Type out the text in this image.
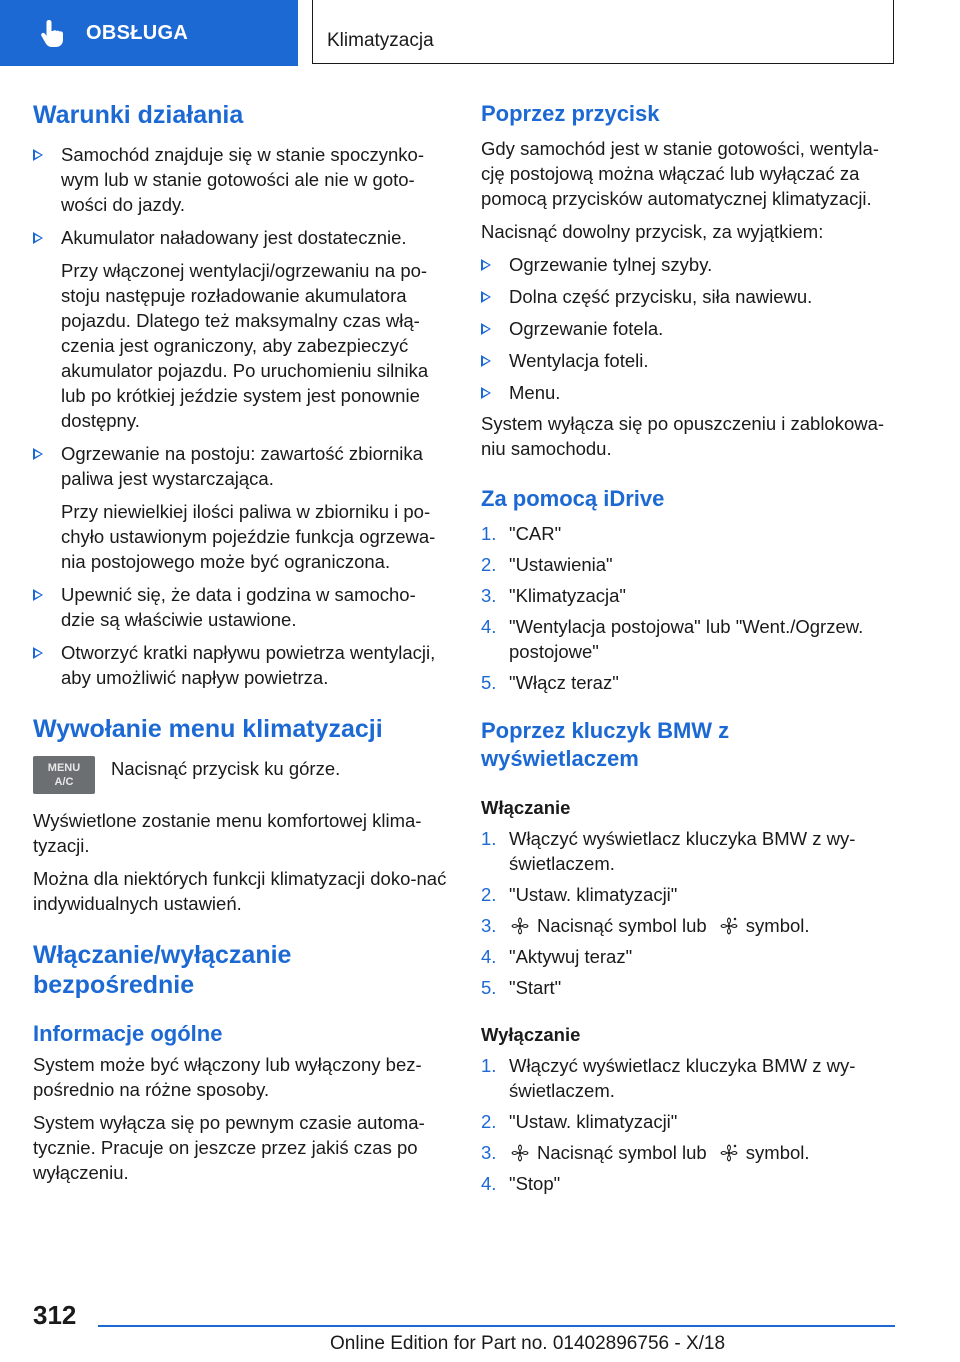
OBSŁUGA	Klimatyzacja
Warunki działania
Samochód znajduje się w stanie spoczynko-wym lub w stanie gotowości ale nie w goto-wości do jazdy.
Akumulator naładowany jest dostatecznie.
Przy włączonej wentylacji/ogrzewaniu na po-stoju następuje rozładowanie akumulatora pojazdu. Dlatego też maksymalny czas włą-czenia jest ograniczony, aby zabezpieczyć akumulator pojazdu. Po uruchomieniu silnika lub po krótkiej jeździe system jest ponownie dostępny.
Ogrzewanie na postoju: zawartość zbiornika paliwa jest wystarczająca.
Przy niewielkiej ilości paliwa w zbiorniku i po-chyło ustawionym pojeździe funkcja ogrzewa-nia postojowego może być ograniczona.
Upewnić się, że data i godzina w samocho-dzie są właściwie ustawione.
Otworzyć kratki napływu powietrza wentylacji, aby umożliwić napływ powietrza.
Wywołanie menu klimatyzacji
MENU
A/C

Nacisnąć przycisk ku górze.

Wyświetlone zostanie menu komfortowej klima-tyzacji.

Można dla niektórych funkcji klimatyzacji doko-nać indywidualnych ustawień.

Włączanie/wyłączanie
bezpośrednie
Informacje ogólne

System może być włączony lub wyłączony bez-pośrednio na różne sposoby.

System wyłącza się po pewnym czasie automa-tycznie. Pracuje on jeszcze przez jakiś czas po wyłączeniu.

Poprzez przycisk

Gdy samochód jest w stanie gotowości, wentyla-cję postojową można włączać lub wyłączać za pomocą przycisków automatycznej klimatyzacji.

Nacisnąć dowolny przycisk, za wyjątkiem:

Ogrzewanie tylnej szyby.
Dolna część przycisku, siła nawiewu.
Ogrzewanie fotela.
Wentylacja foteli.
Menu.

System wyłącza się po opuszczeniu i zablokowa-niu samochodu.

Za pomocą iDrive
1. "CAR"
2. "Ustawienia"
3. "Klimatyzacja"
4. "Wentylacja postojowa" lub "Went./Ogrzew. postojowe"
5. "Włącz teraz"
Poprzez kluczyk BMW z
wyświetlaczem

Włączanie

1. Włączyć wyświetlacz kluczyka BMW z wy-świetlaczem.
2. "Ustaw. klimatyzacji"
3. Nacisnąć symbol lub symbol.
4. "Aktywuj teraz"
5. "Start"

Wyłączanie

1. Włączyć wyświetlacz kluczyka BMW z wy-świetlaczem.
2. "Ustaw. klimatyzacji"
3. Nacisnąć symbol lub symbol.
4. "Stop"
312
Online Edition for Part no. 01402896756 - X/18
